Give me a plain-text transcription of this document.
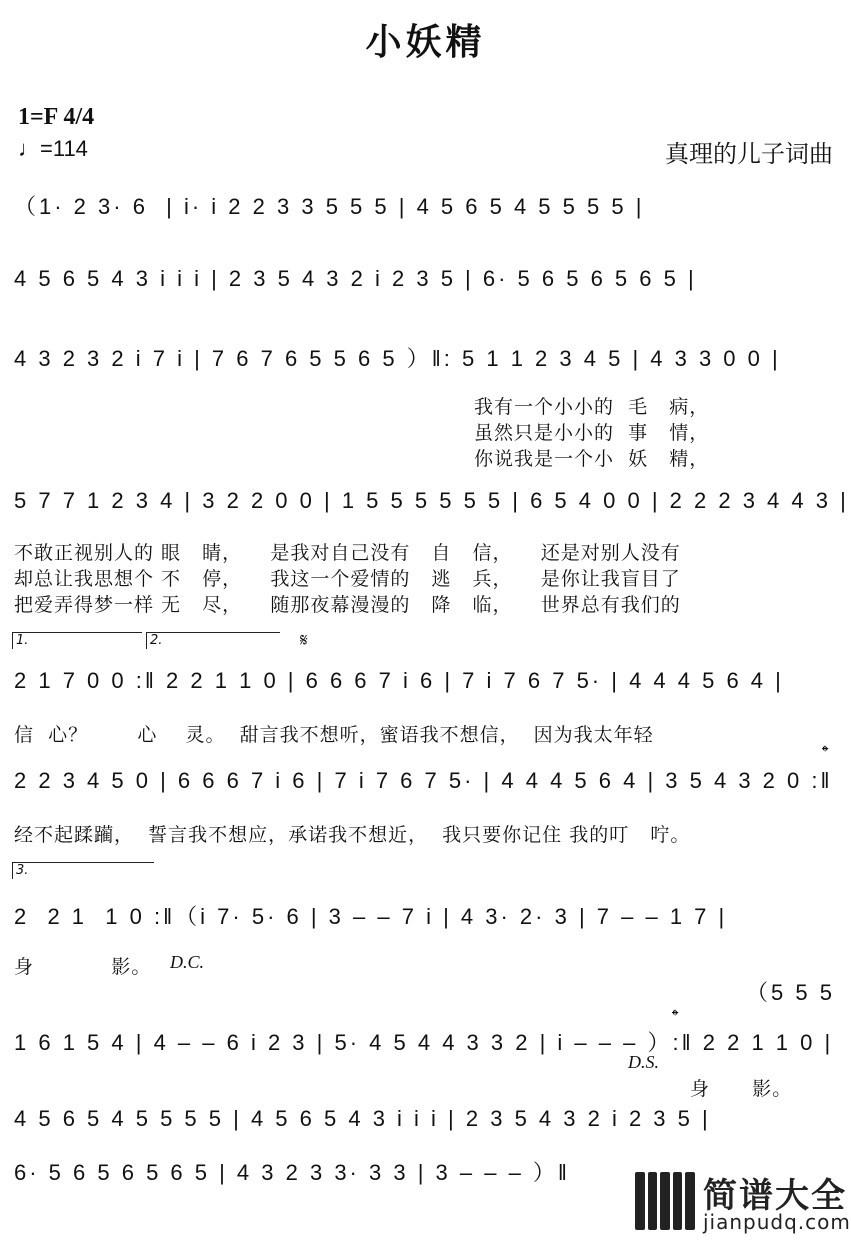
小妖精
1=F 4/4
♩=114	真理的儿子词曲
（1· 2 3· 6  | i· i 2 2 3 3 5 5 5 | 4 5 6 5 4 5 5 5 5 |
4 5 6 5 4 3 i i i | 2 3 5 4 3 2 i 2 3 5 | 6· 5 6 5 6 5 6 5 |
4 3 2 3 2 i 7 i | 7 6 7 6 5 5 6 5 ）‖: 5 1 1 2 3 4 5 | 4 3 3 0 0 |
我有一个小小的  毛   病，
虽然只是小小的  事   情，
你说我是一个小  妖   精，
5 7 7 1 2 3 4 | 3 2 2 0 0 | 1 5 5 5 5 5 5 | 6 5 4 0 0 | 2 2 2 3 4 4 3 |
不敢正视别人的 眼   睛，    是我对自己没有   自   信，    还是对别人没有
却总让我思想个 不   停，    我这一个爱情的   逃   兵，    是你让我盲目了
把爱弄得梦一样 无   尽，    随那夜幕漫漫的   降   临，    世界总有我们的
1.	2.	𝄋
2 1 7 0 0 :‖ 2 2 1 1 0 | 6 6 6 7 i 6 | 7 i 7 6 7 5· | 4 4 4 5 6 4 |
信  心？       心    灵。  甜言我不想听，蜜语我不想信，  因为我太年轻
𝄌
2 2 3 4 5 0 | 6 6 6 7 i 6 | 7 i 7 6 7 5· | 4 4 4 5 6 4 | 3 5 4 3 2 0 :‖
经不起蹂躏，  誓言我不想应，承诺我不想近，  我只要你记住 我的叮   咛。
3.
2  2 1  1 0 :‖（i 7· 5· 6 | 3 – – 7 i | 4 3· 2· 3 | 7 – – 1 7 |
身           影。 D.C.
（5 5 5
𝄌
1 6 1 5 4 | 4 – – 6 i 2 3 | 5· 4 5 4 4 3 3 2 | i – – – ）:‖ 2 2 1 1 0 |
D.S.
身      影。
4 5 6 5 4 5 5 5 5 | 4 5 6 5 4 3 i i i | 2 3 5 4 3 2 i 2 3 5 |
6· 5 6 5 6 5 6 5 | 4 3 2 3 3· 3 3 | 3 – – – ）‖

简谱大全

jianpudq.com
